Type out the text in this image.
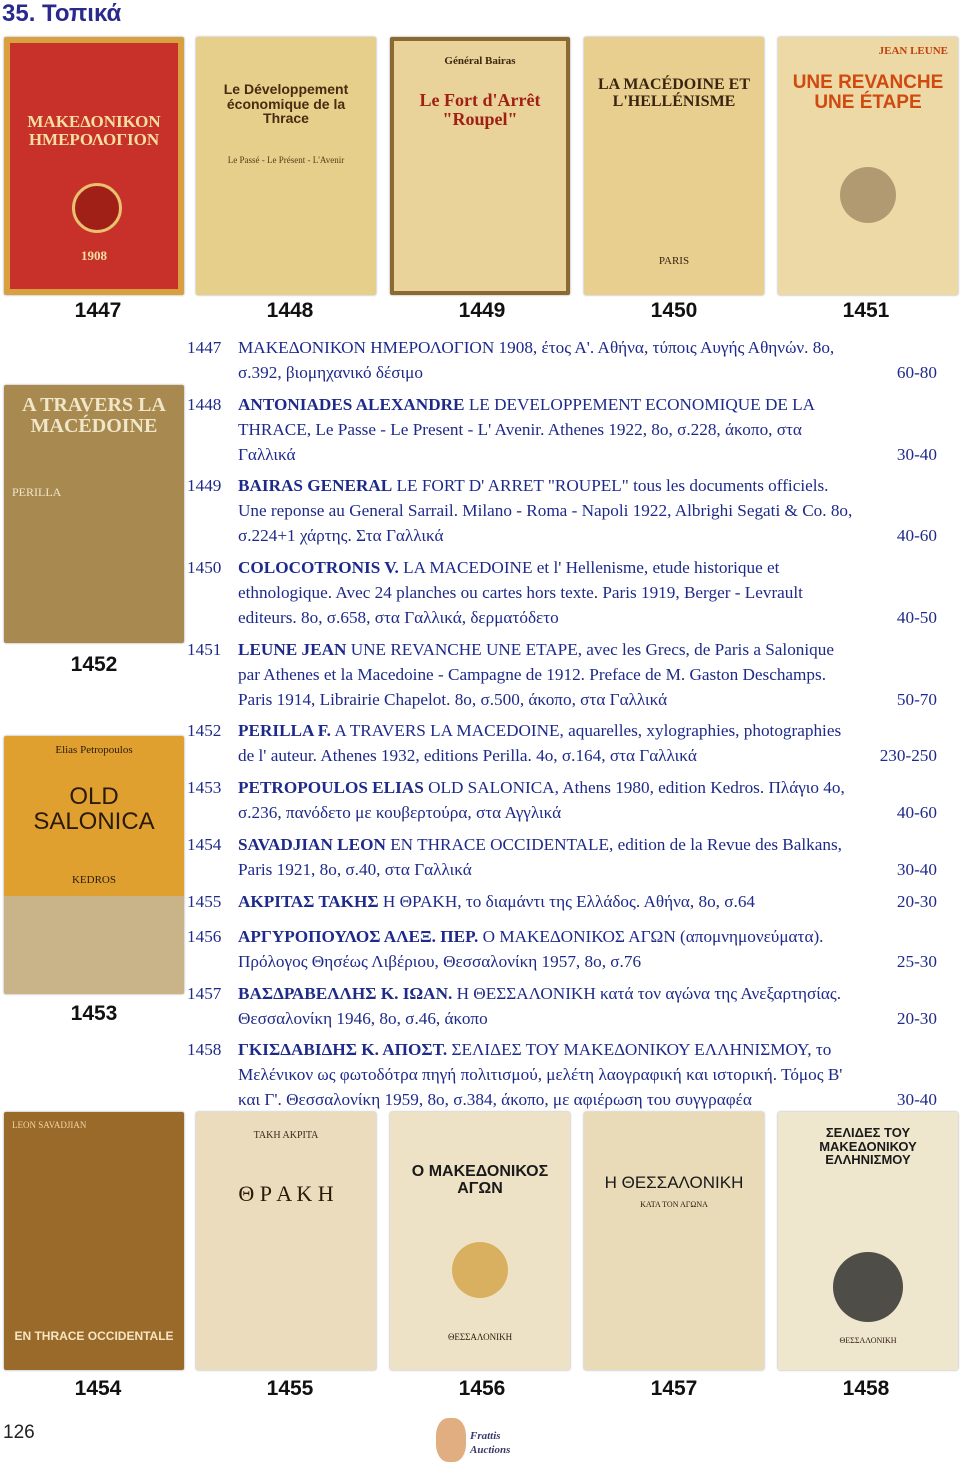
35. Τοπικά
ΜΑΚΕΔΟΝΙΚΟΝ ΗΜΕΡΟΛΟΓΙΟΝ
1908
Le Développement économique de la Thrace
Le Passé - Le Présent - L'Avenir
Général Bairas
Le Fort d'Arrêt "Roupel"
LA MACÉDOINE ET L'HELLÉNISME
PARIS
JEAN LEUNE
UNE REVANCHE UNE ÉTAPE
1447	1448	1449	1450	1451
A TRAVERS LA MACÉDOINE
PERILLA
1452
Elias Petropoulos
OLD SALONICA
KEDROS
1453
LEON SAVADJIAN
EN THRACE OCCIDENTALE
ΤΑΚΗ ΑΚΡΙΤΑ
Θ Ρ Α Κ Η
Ο ΜΑΚΕΔΟΝΙΚΟΣ ΑΓΩΝ
ΘΕΣΣΑΛΟΝΙΚΗ
Η ΘΕΣΣΑΛΟΝΙΚΗ
ΚΑΤΑ ΤΟΝ ΑΓΩΝΑ
ΣΕΛΙΔΕΣ ΤΟΥ ΜΑΚΕΔΟΝΙΚΟΥ ΕΛΛΗΝΙΣΜΟΥ
ΘΕΣΣΑΛΟΝΙΚΗ
1454	1455	1456	1457	1458
1447 ΜΑΚΕΔΟΝΙΚΟΝ ΗΜΕΡΟΛΟΓΙΟΝ 1908, έτος Α'. Αθήνα, τύποις Αυγής Αθηνών. 8ο,
σ.392, βιομηχανικό δέσιμο	60-80
1448 ANTONIADES ALEXANDRE LE DEVELOPPEMENT ECONOMIQUE DE LA
THRACE, Le Passe - Le Present - L' Avenir. Athenes 1922, 8o, σ.228, άκοπο, στα
Γαλλικά	30-40
1449 BAIRAS GENERAL LE FORT D' ARRET "ROUPEL" tous les documents officiels.
Une reponse au General Sarrail. Milano - Roma - Napoli 1922, Albrighi Segati & Co. 8o,
σ.224+1 χάρτης. Στα Γαλλικά	40-60
1450 COLOCOTRONIS V. LA MACEDOINE et l' Hellenisme, etude historique et
ethnologique. Avec 24 planches ou cartes hors texte. Paris 1919, Berger - Levrault
editeurs. 8o, σ.658, στα Γαλλικά, δερματόδετο	40-50
1451 LEUNE JEAN UNE REVANCHE UNE ETAPE, avec les Grecs, de Paris a Salonique
par Athenes et la Macedoine - Campagne de 1912. Preface de M. Gaston Deschamps.
Paris 1914, Librairie Chapelot. 8o, σ.500, άκοπο, στα Γαλλικά	50-70
1452 PERILLA F. A TRAVERS LA MACEDOINE, aquarelles, xylographies, photographies
de l' auteur. Athenes 1932, editions Perilla. 4o, σ.164, στα Γαλλικά	230-250
1453 PETROPOULOS ELIAS OLD SALONICA, Athens 1980, edition Kedros. Πλάγιο 4ο,
σ.236, πανόδετο με κουβερτούρα, στα Αγγλικά	40-60
1454 SAVADJIAN LEON EN THRACE OCCIDENTALE, edition de la Revue des Balkans,
Paris 1921, 8o, σ.40, στα Γαλλικά	30-40
1455 ΑΚΡΙΤΑΣ ΤΑΚΗΣ Η ΘΡΑΚΗ, το διαμάντι της Ελλάδος. Αθήνα, 8ο, σ.64	20-30
1456 ΑΡΓΥΡΟΠΟΥΛΟΣ ΑΛΕΞ. ΠΕΡ. Ο ΜΑΚΕΔΟΝΙΚΟΣ ΑΓΩΝ (απομνημονεύματα).
Πρόλογος Θησέως Λιβέριου, Θεσσαλονίκη 1957, 8ο, σ.76	25-30
1457 ΒΑΣΔΡΑΒΕΛΛΗΣ Κ. ΙΩΑΝ. Η ΘΕΣΣΑΛΟΝΙΚΗ κατά τον αγώνα της Ανεξαρτησίας.
Θεσσαλονίκη 1946, 8ο, σ.46, άκοπο	20-30
1458 ΓΚΙΣΔΑΒΙΔΗΣ Κ. ΑΠΟΣΤ. ΣΕΛΙΔΕΣ ΤΟΥ ΜΑΚΕΔΟΝΙΚΟΥ ΕΛΛΗΝΙΣΜΟΥ, το
Μελένικον ως φωτοδότρα πηγή πολιτισμού, μελέτη λαογραφική και ιστορική. Τόμος Β'
και Γ'. Θεσσαλονίκη 1959, 8ο, σ.384, άκοπο, με αφιέρωση του συγγραφέα	30-40
126	Frattis
Auctions
